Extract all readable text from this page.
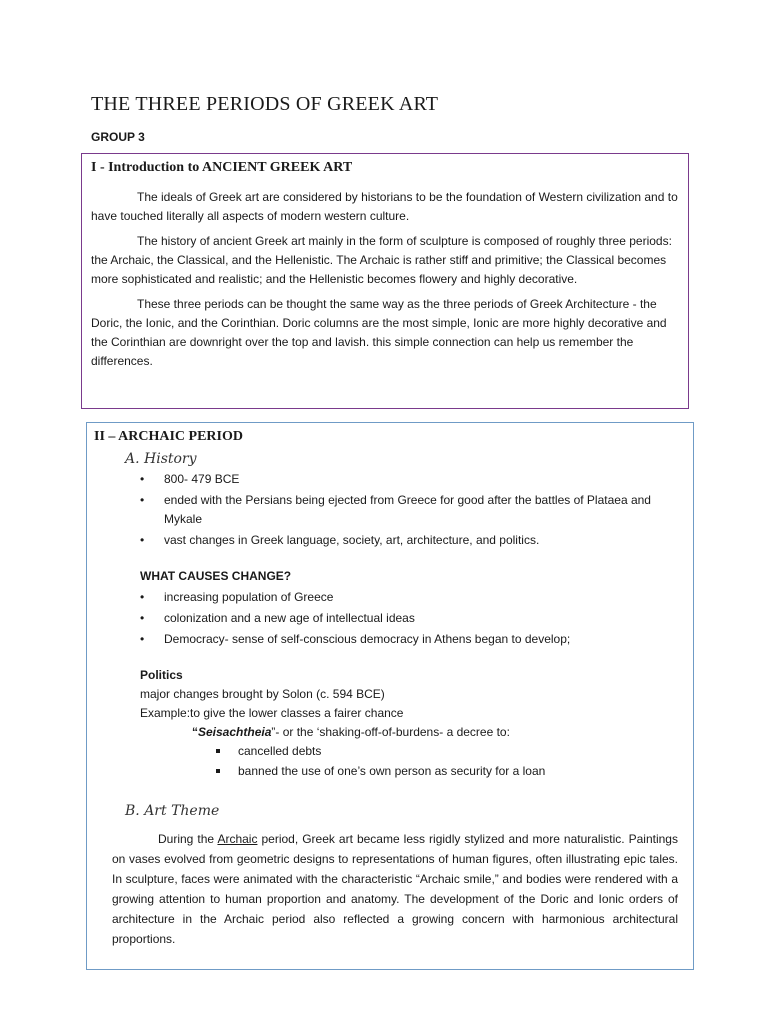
THE THREE PERIODS OF GREEK ART

GROUP 3

I - Introduction to ANCIENT GREEK ART

The ideals of Greek art are considered by historians to be the foundation of Western civilization and to have touched literally all aspects of modern western culture.

The history of ancient Greek art mainly in the form of sculpture is composed of roughly three periods: the Archaic, the Classical, and the Hellenistic. The Archaic is rather stiff and primitive; the Classical becomes more sophisticated and realistic; and the Hellenistic becomes flowery and highly decorative.

These three periods can be thought the same way as the three periods of Greek Architecture - the Doric, the Ionic, and the Corinthian. Doric columns are the most simple, Ionic are more highly decorative and the Corinthian are downright over the top and lavish. this simple connection can help us remember the differences.

II – ARCHAIC PERIOD

A. History

• 800- 479 BCE
• ended with the Persians being ejected from Greece for good after the battles of Plataea and Mykale
• vast changes in Greek language, society, art, architecture, and politics.

WHAT CAUSES CHANGE?

• increasing population of Greece
• colonization and a new age of intellectual ideas
• Democracy- sense of self-conscious democracy in Athens began to develop;

Politics

major changes brought by Solon (c. 594 BCE)

Example:to give the lower classes a fairer chance

“Seisachtheia”- or the ‘shaking-off-of-burdens- a decree to:

cancelled debts
banned the use of one’s own person as security for a loan

B. Art Theme

During the Archaic period, Greek art became less rigidly stylized and more naturalistic. Paintings on vases evolved from geometric designs to representations of human figures, often illustrating epic tales. In sculpture, faces were animated with the characteristic “Archaic smile,” and bodies were rendered with a growing attention to human proportion and anatomy. The development of the Doric and Ionic orders of architecture in the Archaic period also reflected a growing concern with harmonious architectural proportions.
